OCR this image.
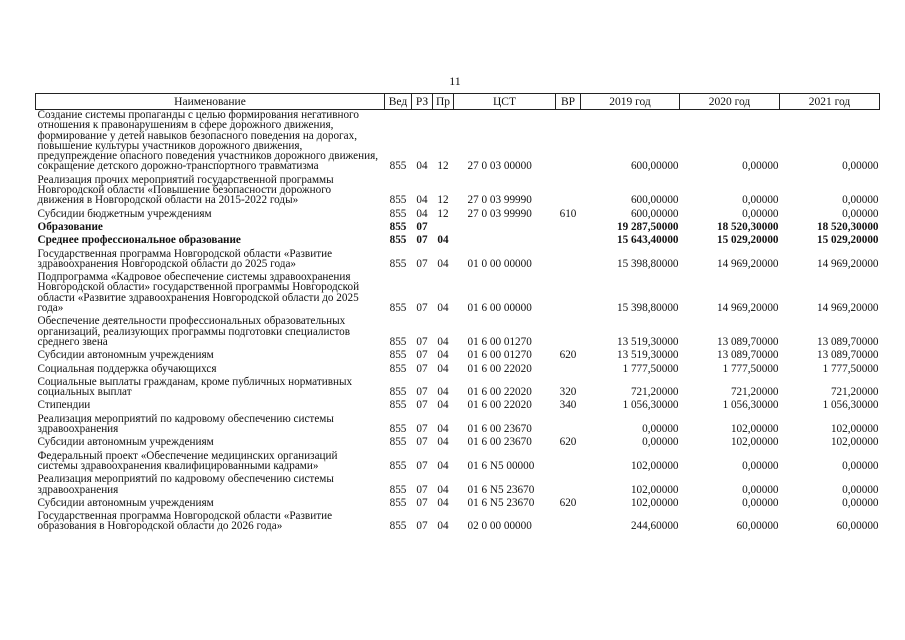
11
Наименование	Вед	РЗ	Пр	ЦСТ	ВР	2019 год	2020 год	2021 год
Создание системы пропаганды с целью формирования негативного отношения к правонарушениям в сфере дорожного движения, формирование у детей навыков безопасного поведения на дорогах, повышение культуры участников дорожного движения, предупреждение опасного поведения участников дорожного движения, сокращение детского дорожно-транспортного травматизма	855	04	12	27 0 03 00000		600,00000	0,00000	0,00000
Реализация прочих мероприятий государственной программы Новгородской области «Повышение безопасности дорожного движения в Новгородской области на 2015-2022 годы»	855	04	12	27 0 03 99990		600,00000	0,00000	0,00000
Субсидии бюджетным учреждениям	855	04	12	27 0 03 99990	610	600,00000	0,00000	0,00000
Образование	855	07				19 287,50000	18 520,30000	18 520,30000
Среднее профессиональное образование	855	07	04			15 643,40000	15 029,20000	15 029,20000
Государственная программа Новгородской области «Развитие здравоохранения Новгородской области до 2025 года»	855	07	04	01 0 00 00000		15 398,80000	14 969,20000	14 969,20000
Подпрограмма «Кадровое обеспечение системы здравоохранения Новгородской области» государственной программы Новгородской области «Развитие здравоохранения Новгородской области до 2025 года»	855	07	04	01 6 00 00000		15 398,80000	14 969,20000	14 969,20000
Обеспечение деятельности профессиональных образовательных организаций, реализующих программы подготовки специалистов среднего звена	855	07	04	01 6 00 01270		13 519,30000	13 089,70000	13 089,70000
Субсидии автономным учреждениям	855	07	04	01 6 00 01270	620	13 519,30000	13 089,70000	13 089,70000
Социальная поддержка обучающихся	855	07	04	01 6 00 22020		1 777,50000	1 777,50000	1 777,50000
Социальные выплаты гражданам, кроме публичных нормативных социальных выплат	855	07	04	01 6 00 22020	320	721,20000	721,20000	721,20000
Стипендии	855	07	04	01 6 00 22020	340	1 056,30000	1 056,30000	1 056,30000
Реализация мероприятий по кадровому обеспечению системы здравоохранения	855	07	04	01 6 00 23670		0,00000	102,00000	102,00000
Субсидии автономным учреждениям	855	07	04	01 6 00 23670	620	0,00000	102,00000	102,00000
Федеральный проект «Обеспечение медицинских организаций системы здравоохранения квалифицированными кадрами»	855	07	04	01 6 N5 00000		102,00000	0,00000	0,00000
Реализация мероприятий по кадровому обеспечению системы здравоохранения	855	07	04	01 6 N5 23670		102,00000	0,00000	0,00000
Субсидии автономным учреждениям	855	07	04	01 6 N5 23670	620	102,00000	0,00000	0,00000
Государственная программа Новгородской области «Развитие образования в Новгородской области до 2026 года»	855	07	04	02 0 00 00000		244,60000	60,00000	60,00000
